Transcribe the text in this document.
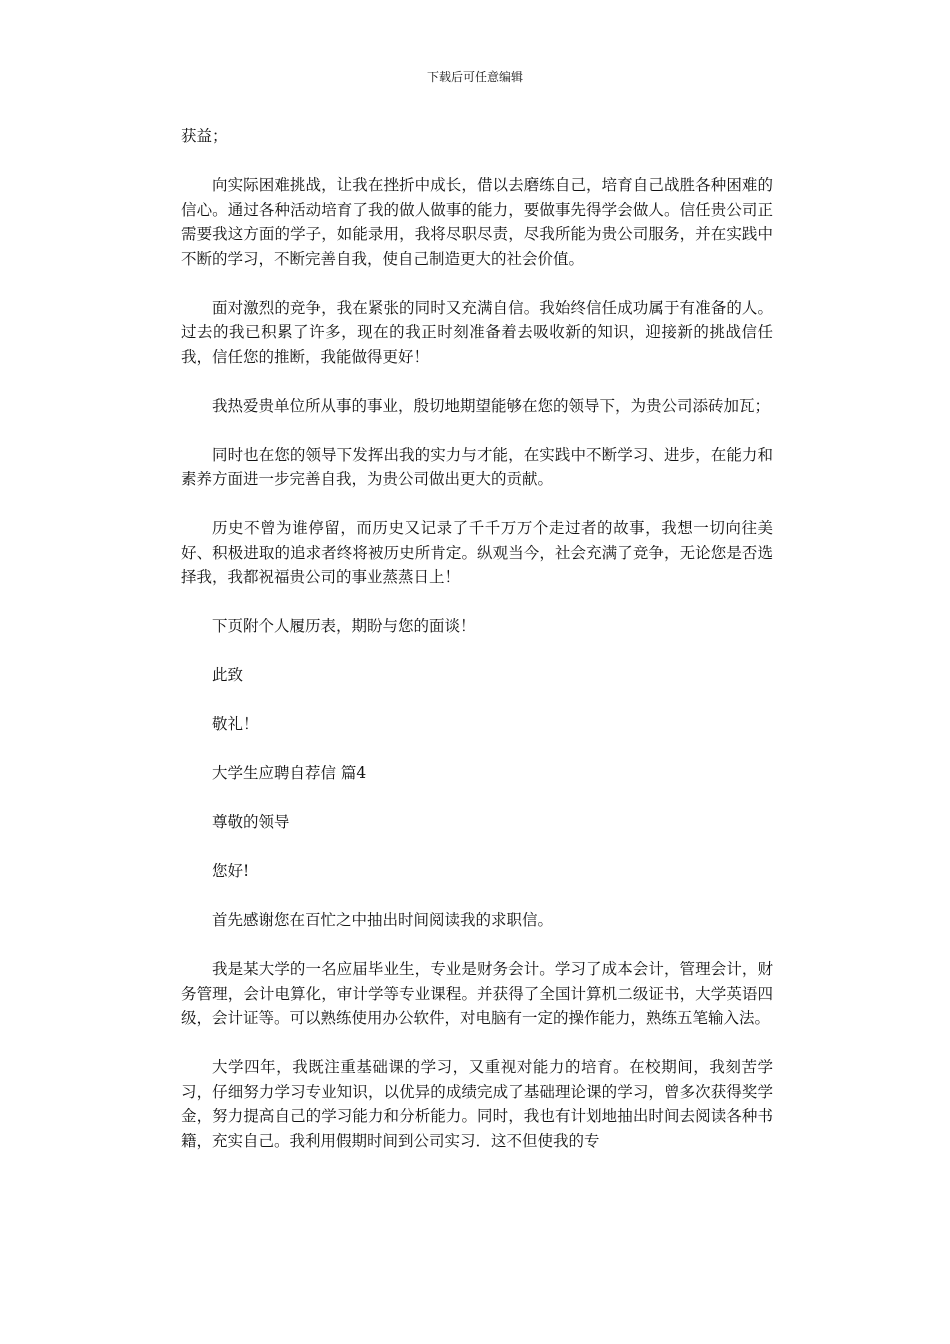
下载后可任意编辑

获益；

向实际困难挑战，让我在挫折中成长，借以去磨练自己，培育自己战胜各种困难的信心。通过各种活动培育了我的做人做事的能力，要做事先得学会做人。信任贵公司正需要我这方面的学子，如能录用，我将尽职尽责，尽我所能为贵公司服务，并在实践中不断的学习，不断完善自我，使自己制造更大的社会价值。

面对激烈的竞争，我在紧张的同时又充满自信。我始终信任成功属于有准备的人。过去的我已积累了许多，现在的我正时刻准备着去吸收新的知识，迎接新的挑战信任我，信任您的推断，我能做得更好！

我热爱贵单位所从事的事业，殷切地期望能够在您的领导下，为贵公司添砖加瓦；

同时也在您的领导下发挥出我的实力与才能，在实践中不断学习、进步，在能力和素养方面进一步完善自我，为贵公司做出更大的贡献。

历史不曾为谁停留，而历史又记录了千千万万个走过者的故事，我想一切向往美好、积极进取的追求者终将被历史所肯定。纵观当今，社会充满了竞争，无论您是否选择我，我都祝福贵公司的事业蒸蒸日上！

下页附个人履历表，期盼与您的面谈！

此致

敬礼！

大学生应聘自荐信 篇4

尊敬的领导

您好!

首先感谢您在百忙之中抽出时间阅读我的求职信。

我是某大学的一名应届毕业生，专业是财务会计。学习了成本会计，管理会计，财务管理，会计电算化，审计学等专业课程。并获得了全国计算机二级证书，大学英语四级，会计证等。可以熟练使用办公软件，对电脑有一定的操作能力，熟练五笔输入法。

大学四年，我既注重基础课的学习，又重视对能力的培育。在校期间，我刻苦学习，仔细努力学习专业知识，以优异的成绩完成了基础理论课的学习，曾多次获得奖学金，努力提高自己的学习能力和分析能力。同时，我也有计划地抽出时间去阅读各种书籍，充实自己。我利用假期时间到公司实习．这不但使我的专
